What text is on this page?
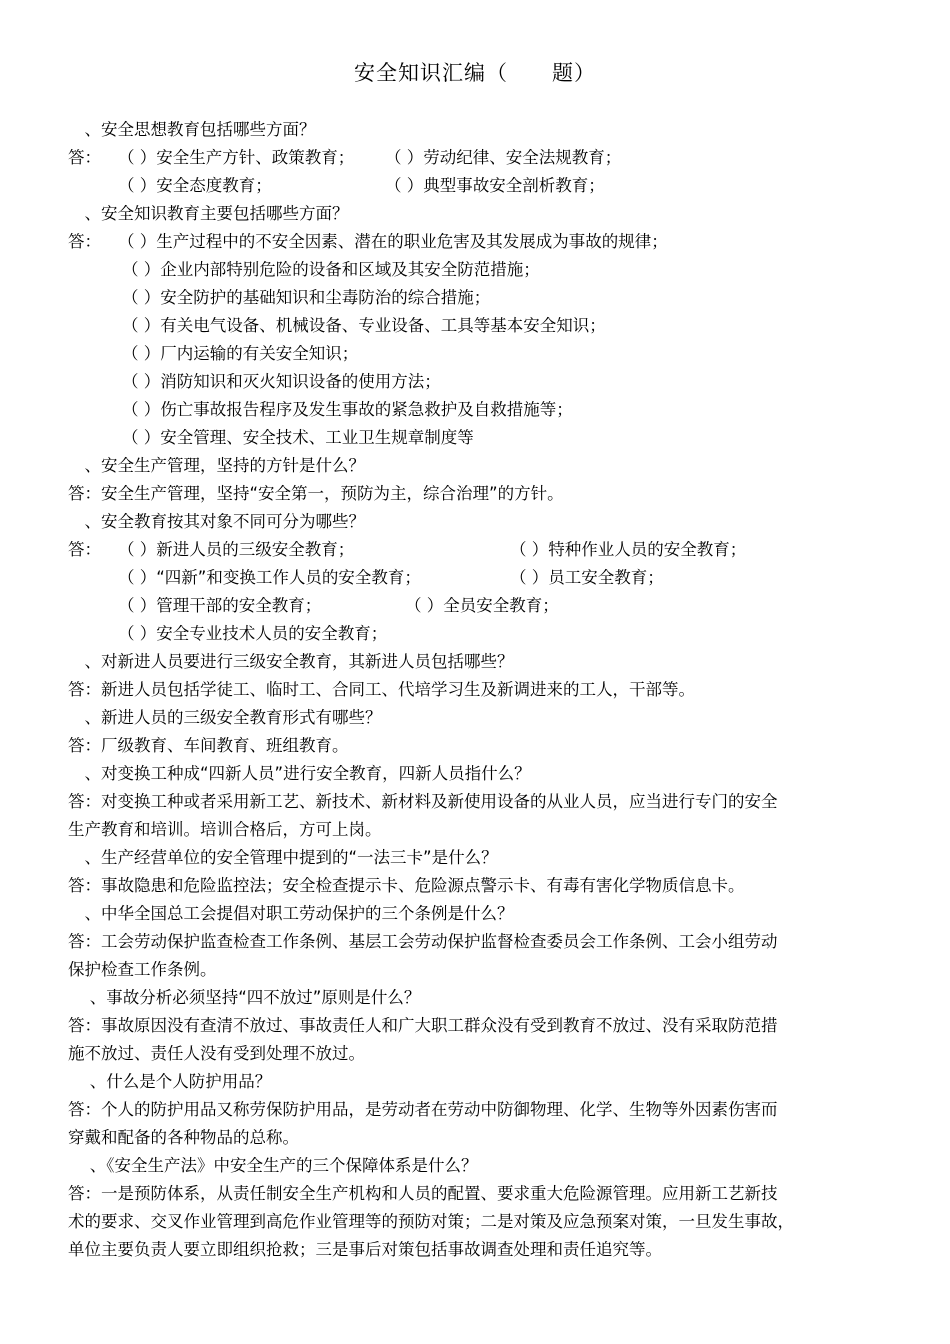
安全知识汇编（　　题）
　、安全思想教育包括哪些方面？
答： （ ）安全生产方针、政策教育； （ ）劳动纪律、安全法规教育；
（ ）安全态度教育；	（ ）典型事故安全剖析教育；
　、安全知识教育主要包括哪些方面？
答： （ ）生产过程中的不安全因素、潜在的职业危害及其发展成为事故的规律；
（ ）企业内部特别危险的设备和区域及其安全防范措施；
（ ）安全防护的基础知识和尘毒防治的综合措施；
（ ）有关电气设备、机械设备、专业设备、工具等基本安全知识；
（ ）厂内运输的有关安全知识；
（ ）消防知识和灭火知识设备的使用方法；
（ ）伤亡事故报告程序及发生事故的紧急救护及自救措施等；
（ ）安全管理、安全技术、工业卫生规章制度等
　、安全生产管理，坚持的方针是什么？
答：安全生产管理，坚持“安全第一，预防为主，综合治理”的方针。
　、安全教育按其对象不同可分为哪些？
答： （ ）新进人员的三级安全教育；	（ ）特种作业人员的安全教育；
（ ）“四新”和变换工作人员的安全教育；	（ ）员工安全教育；
（ ）管理干部的安全教育；	（ ）全员安全教育；
（ ）安全专业技术人员的安全教育；
　、对新进人员要进行三级安全教育，其新进人员包括哪些？
答：新进人员包括学徒工、临时工、合同工、代培学习生及新调进来的工人，干部等。
　、新进人员的三级安全教育形式有哪些？
答：厂级教育、车间教育、班组教育。
　、对变换工种成“四新人员”进行安全教育，四新人员指什么？
答：对变换工种或者采用新工艺、新技术、新材料及新使用设备的从业人员，应当进行专门的安全
生产教育和培训。培训合格后，方可上岗。
　、生产经营单位的安全管理中提到的“一法三卡”是什么？
答：事故隐患和危险监控法；安全检查提示卡、危险源点警示卡、有毒有害化学物质信息卡。
　、中华全国总工会提倡对职工劳动保护的三个条例是什么？
答：工会劳动保护监查检查工作条例、基层工会劳动保护监督检查委员会工作条例、工会小组劳动
保护检查工作条例。
　 、事故分析必须坚持“四不放过”原则是什么？
答：事故原因没有查清不放过、事故责任人和广大职工群众没有受到教育不放过、没有采取防范措
施不放过、责任人没有受到处理不放过。
　 、什么是个人防护用品？
答：个人的防护用品又称劳保防护用品，是劳动者在劳动中防御物理、化学、生物等外因素伤害而
穿戴和配备的各种物品的总称。
　 、《安全生产法》中安全生产的三个保障体系是什么？
答：一是预防体系，从责任制安全生产机构和人员的配置、要求重大危险源管理。应用新工艺新技
术的要求、交叉作业管理到高危作业管理等的预防对策；二是对策及应急预案对策，一旦发生事故，
单位主要负责人要立即组织抢救；三是事后对策包括事故调查处理和责任追究等。
